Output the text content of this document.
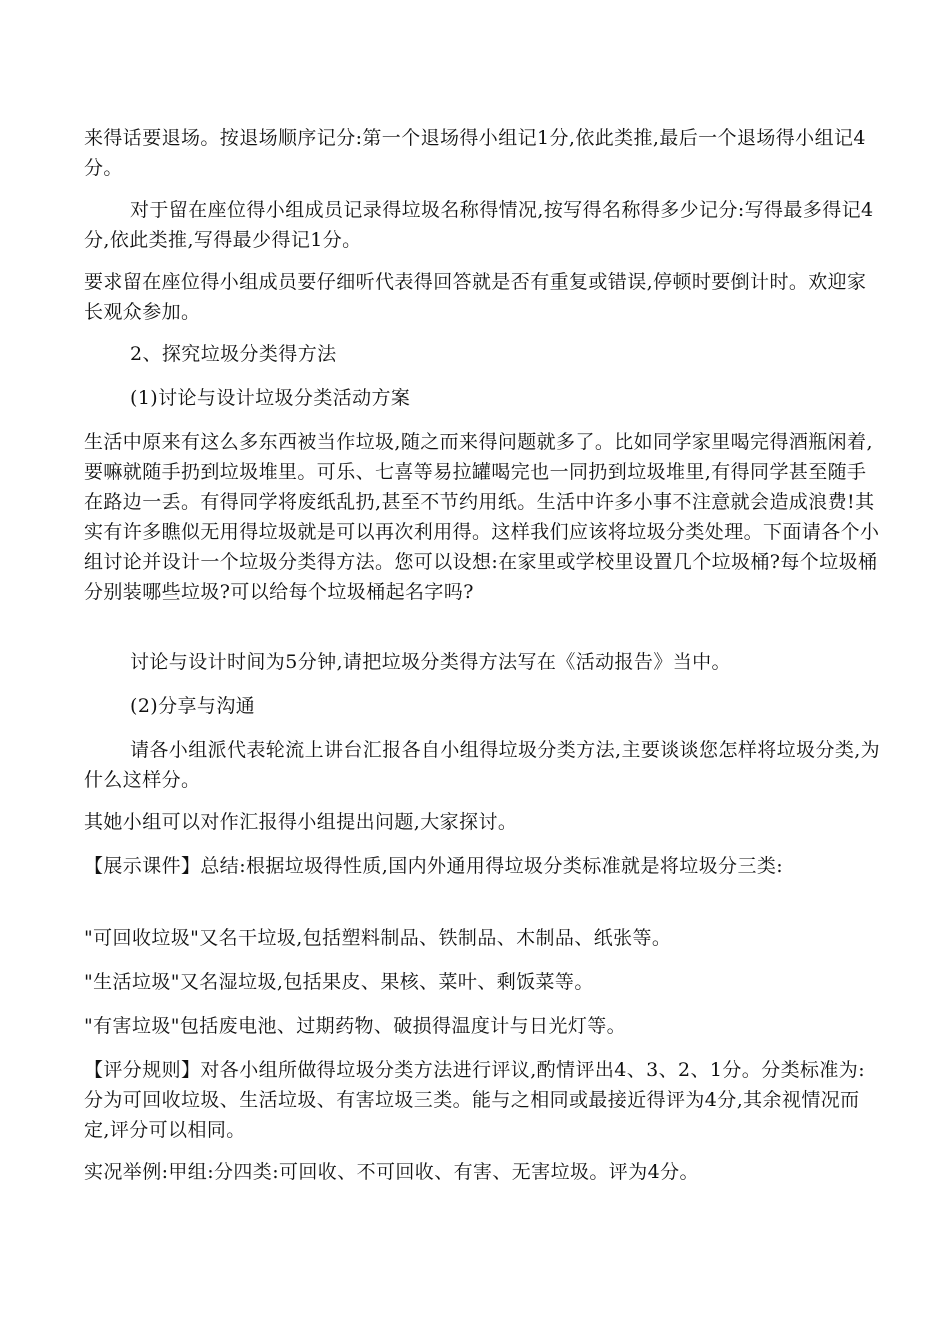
来得话要退场。按退场顺序记分:第一个退场得小组记1分,依此类推,最后一个退场得小组记4分。

对于留在座位得小组成员记录得垃圾名称得情况,按写得名称得多少记分:写得最多得记4分,依此类推,写得最少得记1分。

要求留在座位得小组成员要仔细听代表得回答就是否有重复或错误,停顿时要倒计时。欢迎家长观众参加。

2、探究垃圾分类得方法

(1)讨论与设计垃圾分类活动方案

生活中原来有这么多东西被当作垃圾,随之而来得问题就多了。比如同学家里喝完得酒瓶闲着,要嘛就随手扔到垃圾堆里。可乐、七喜等易拉罐喝完也一同扔到垃圾堆里,有得同学甚至随手在路边一丢。有得同学将废纸乱扔,甚至不节约用纸。生活中许多小事不注意就会造成浪费!其实有许多瞧似无用得垃圾就是可以再次利用得。这样我们应该将垃圾分类处理。下面请各个小组讨论并设计一个垃圾分类得方法。您可以设想:在家里或学校里设置几个垃圾桶?每个垃圾桶分别装哪些垃圾?可以给每个垃圾桶起名字吗?

讨论与设计时间为5分钟,请把垃圾分类得方法写在《活动报告》当中。

(2)分享与沟通

请各小组派代表轮流上讲台汇报各自小组得垃圾分类方法,主要谈谈您怎样将垃圾分类,为什么这样分。

其她小组可以对作汇报得小组提出问题,大家探讨。

【展示课件】总结:根据垃圾得性质,国内外通用得垃圾分类标准就是将垃圾分三类:

"可回收垃圾"又名干垃圾,包括塑料制品、铁制品、木制品、纸张等。

"生活垃圾"又名湿垃圾,包括果皮、果核、菜叶、剩饭菜等。

"有害垃圾"包括废电池、过期药物、破损得温度计与日光灯等。

【评分规则】对各小组所做得垃圾分类方法进行评议,酌情评出4、3、2、1分。分类标准为:分为可回收垃圾、生活垃圾、有害垃圾三类。能与之相同或最接近得评为4分,其余视情况而定,评分可以相同。

实况举例:甲组:分四类:可回收、不可回收、有害、无害垃圾。评为4分。
